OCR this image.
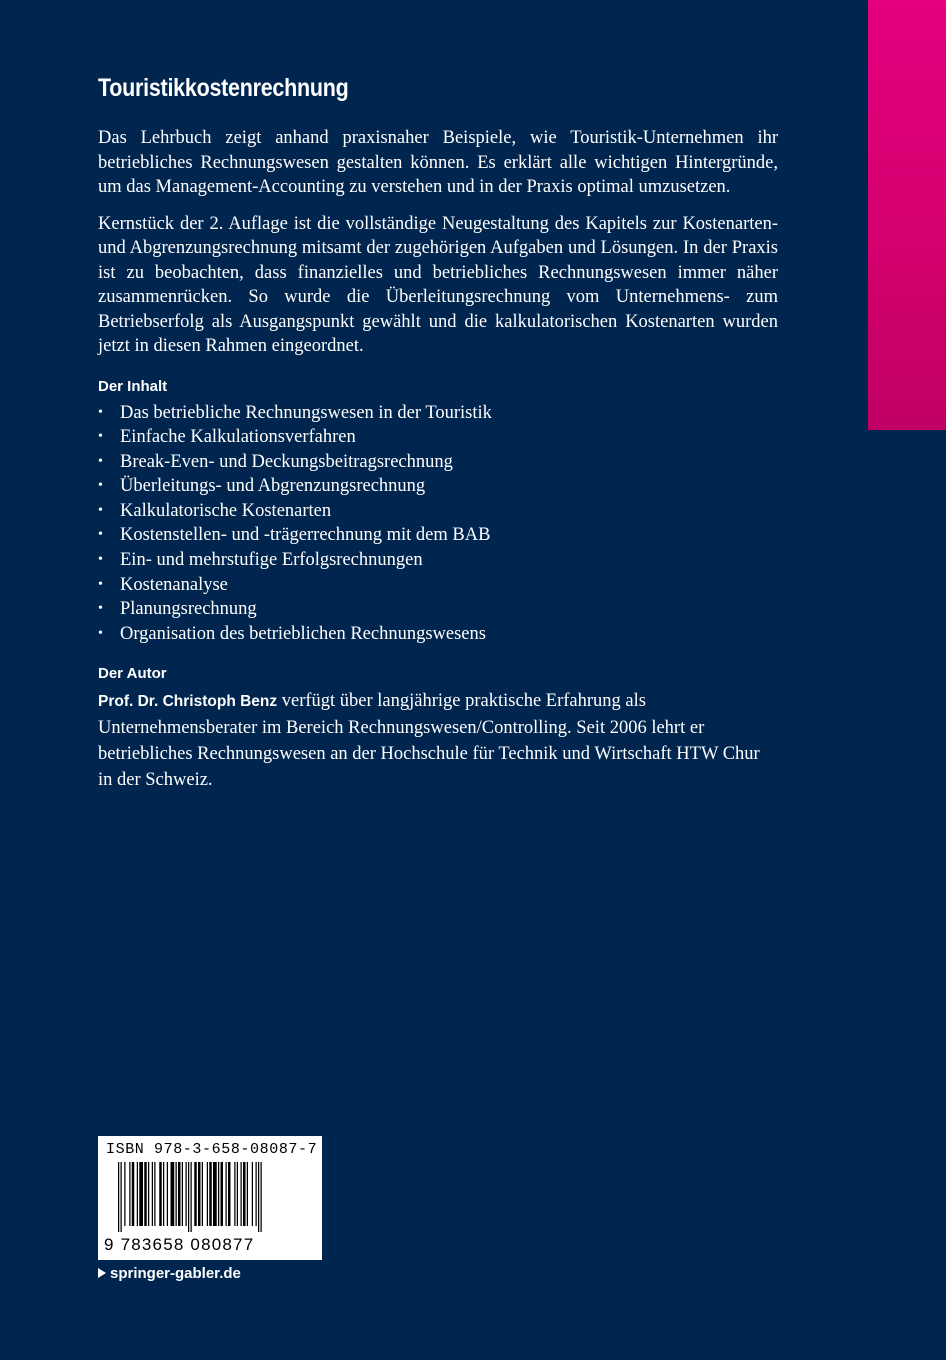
Touristikkostenrechnung

Das Lehrbuch zeigt anhand praxisnaher Beispiele, wie Touristik-Unternehmen ihr betriebliches Rechnungswesen gestalten können. Es erklärt alle wichtigen Hintergründe, um das Management-Accounting zu verstehen und in der Praxis optimal umzusetzen.

Kernstück der 2. Auflage ist die vollständige Neugestaltung des Kapitels zur Kostenarten- und Abgrenzungsrechnung mitsamt der zugehörigen Aufgaben und Lösungen. In der Praxis ist zu beobachten, dass finanzielles und betriebliches Rechnungswesen immer näher zusammenrücken. So wurde die Überleitungsrechnung vom Unternehmens- zum Betriebserfolg als Ausgangspunkt gewählt und die kalkulatorischen Kostenarten wurden jetzt in diesen Rahmen eingeordnet.

Der Inhalt
• Das betriebliche Rechnungswesen in der Touristik
• Einfache Kalkulationsverfahren
• Break-Even- und Deckungsbeitragsrechnung
• Überleitungs- und Abgrenzungsrechnung
• Kalkulatorische Kostenarten
• Kostenstellen- und -trägerrechnung mit dem BAB
• Ein- und mehrstufige Erfolgsrechnungen
• Kostenanalyse
• Planungsrechnung
• Organisation des betrieblichen Rechnungswesens
Der Autor

Prof. Dr. Christoph Benz verfügt über langjährige praktische Erfahrung als Unternehmensberater im Bereich Rechnungswesen/Controlling. Seit 2006 lehrt er betriebliches Rechnungswesen an der Hochschule für Technik und Wirtschaft HTW Chur in der Schweiz.

ISBN 978-3-658-08087-7
9 783658 080877
springer-gabler.de
